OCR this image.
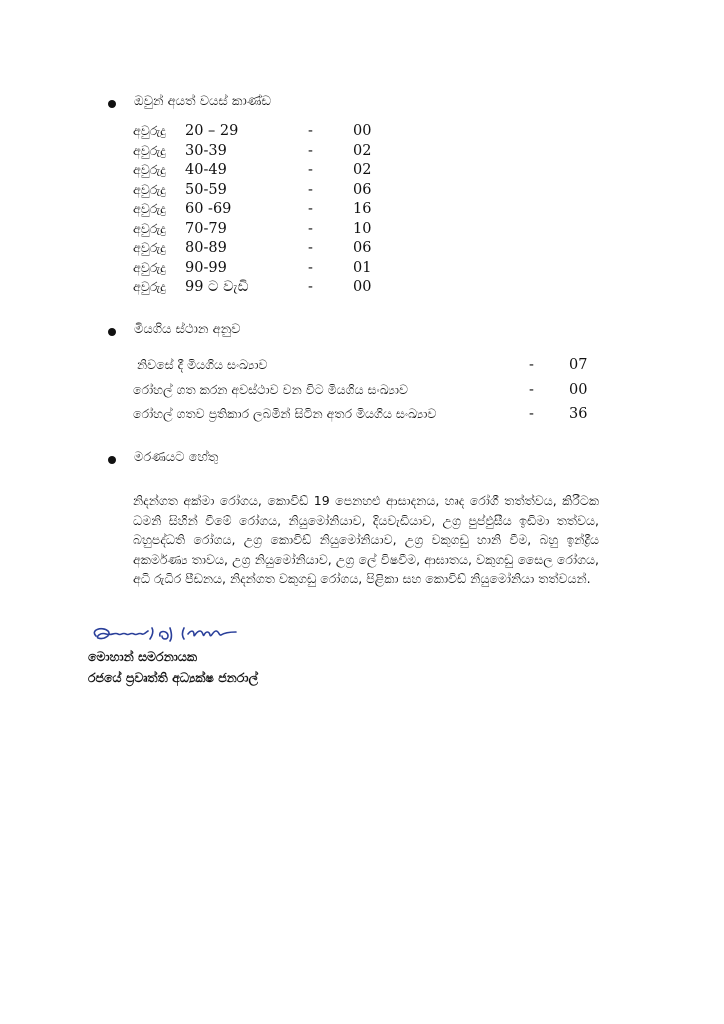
ඔවුන් අයත් වයස් කාණ්ඩ
අවුරුදු 20 – 29	-	00
අවුරුදු 30-39	-	02
අවුරුදු 40-49	-	02
අවුරුදු 50-59	-	06
අවුරුදු 60 -69	-	16
අවුරුදු 70-79	-	10
අවුරුදු 80-89	-	06
අවුරුදු 90-99	-	01
අවුරුදු 99 ට වැඩි	-	00
මියගිය ස්ථාන අනුව
නිවසේ දී මියගිය සංඛ්‍යාව	- 07
රෝහල් ගත කරන අවස්ථාව වන විට මියගිය සංඛ්‍යාව	- 00
රෝහල් ගතව ප්‍රතිකාර ලබමින් සිටින අතර මියගිය සංඛ්‍යාව	- 36
මරණයට හේතු
නිදන්ගත අක්මා රෝගය, කොවිඩ් 19 පෙනහළු ආසාදනය, හෘද රෝගී තත්ත්වය, කිරීටක ධමනි සිහින් වීමේ රෝගය, නියුමෝනියාව, දියවැඩියාව, උග්‍ර පුප්ඵුසීය ඉඩිමා තත්වය, බහුපද්ධති රෝගය, උග්‍ර කොවිඩ් නියුමෝනියාව, උග්‍ර වකුගඩු හානි වීම, බහු ඉන්ද්‍රීය අකර්මණ්‍ය තාවය, උග්‍ර නියුමෝනියාව, උග්‍ර ලේ විෂවීම, ආඝාතය, වකුගඩු සෛල රෝගය, අධි රුධිර පීඩනය, නිදන්ගත වකුගඩු රෝගය, පිළිකා සහ කොවිඩ් නියුමෝනියා තත්වයන්.
මොහාන් සමරනායක
රජයේ ප්‍රවෘත්ති අධ්‍යක්ෂ ජනරාල්
